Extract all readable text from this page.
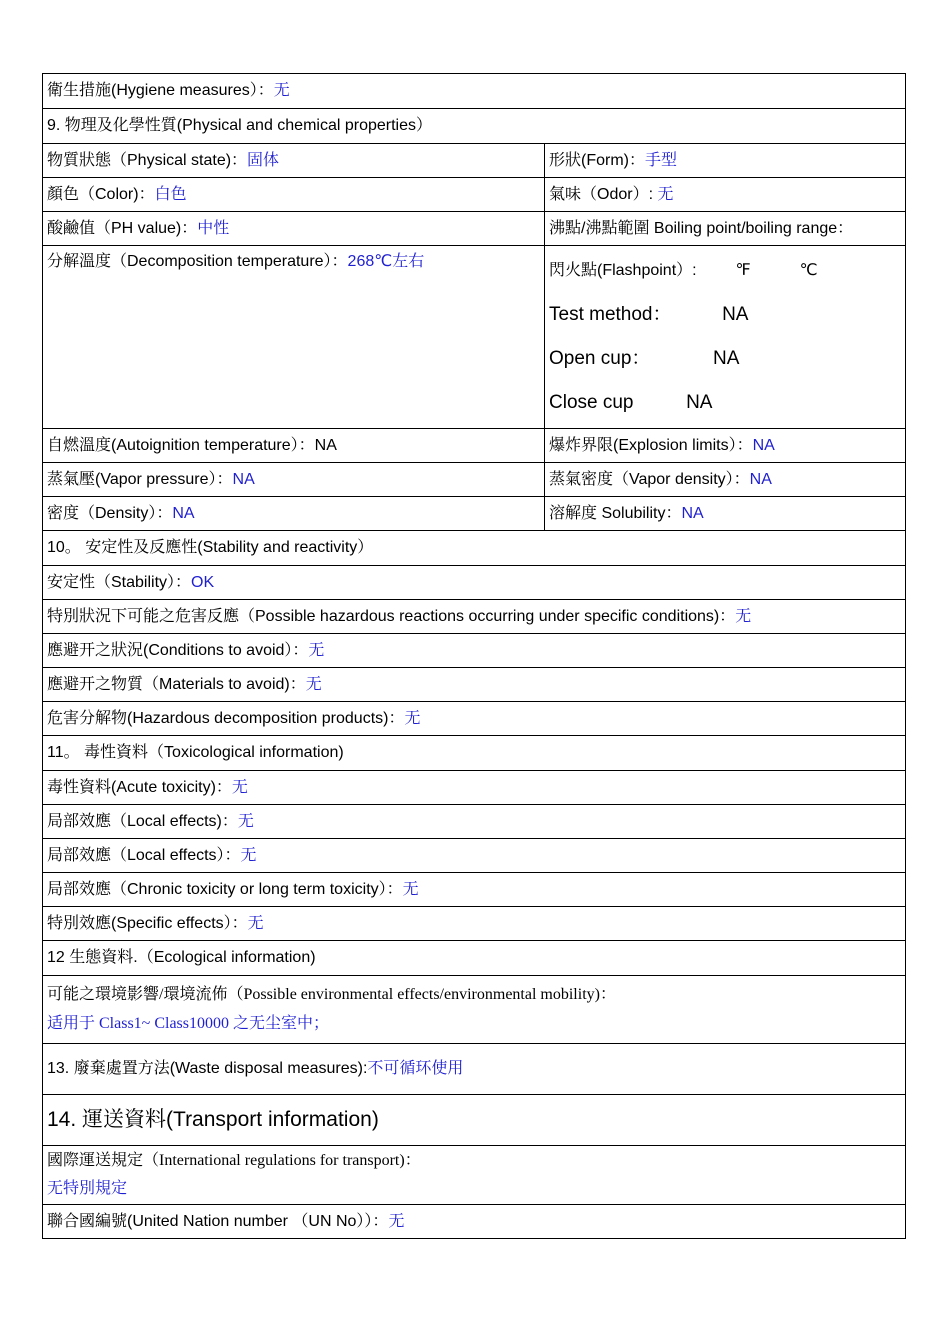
衛生措施(Hygiene measures）：无	
9. 物理及化學性質(Physical and chemical properties）	
物質狀態（Physical state)：固体	形狀(Form)：手型
顏色（Color)：白色	氣味（Odor）: 无
酸鹼值（PH value)：中性	沸點/沸點範圍 Boiling point/boiling range：
分解溫度（Decomposition temperature）：268℃左右	閃火點(Flashpoint）: ℉ ℃
Test method： NA
Open cup： NA
Close cup NA

自燃溫度(Autoignition temperature）：NA	爆炸界限(Explosion limits）：NA
蒸氣壓(Vapor pressure）：NA	蒸氣密度（Vapor density）：NA
密度（Density）：NA	溶解度 Solubility：NA
10。 安定性及反應性(Stability and reactivity）	
安定性（Stability）：OK	
特別狀況下可能之危害反應（Possible hazardous reactions occurring under specific conditions)：无	
應避开之狀況(Conditions to avoid）：无	
應避开之物質（Materials to avoid)：无	
危害分解物(Hazardous decomposition products)：无	
11。 毒性資料（Toxicological information)	
毒性資料(Acute toxicity)：无	
局部效應（Local effects)：无	
局部效應（Local effects）：无	
局部效應（Chronic toxicity or long term toxicity）：无	
特別效應(Specific effects）：无	
12 生態資料.（Ecological information)	

可能之環境影響/環境流佈（Possible environmental effects/environmental mobility)：
适用于 Class1~ Class10000 之无尘室中；	

13. 廢棄處置方法(Waste disposal measures):不可循环使用	
14. 運送資料(Transport information)	

國際運送規定（International regulations for transport)：
无特別規定	

聯合國編號(United Nation number （UN No））：无	
